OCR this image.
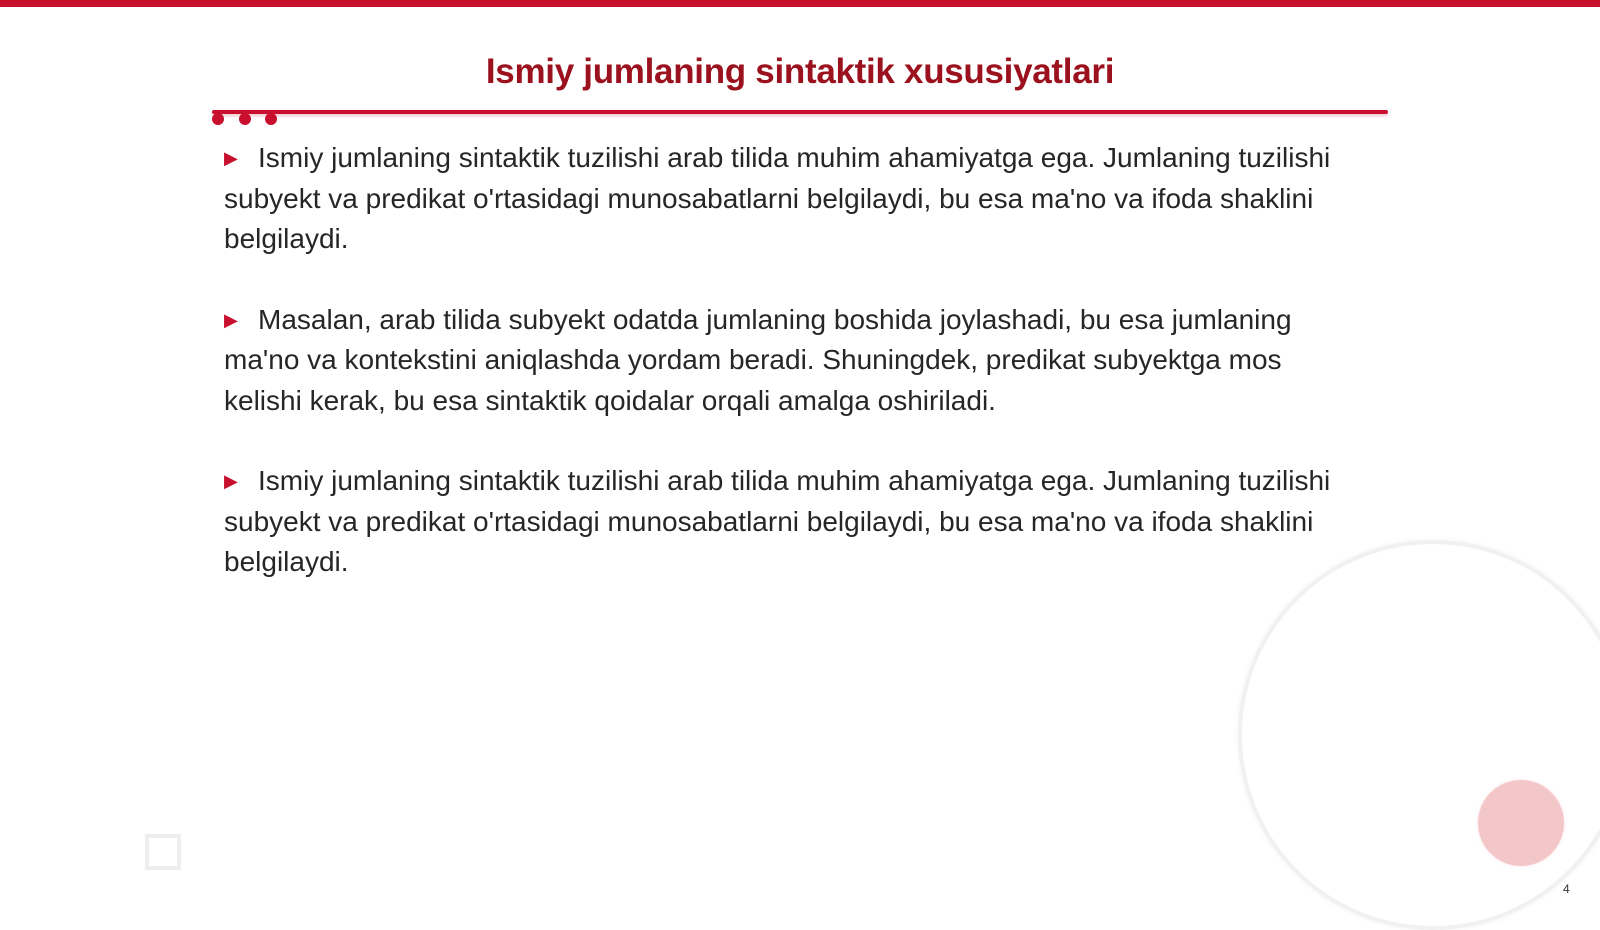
Ismiy jumlaning sintaktik xususiyatlari

▶ Ismiy jumlaning sintaktik tuzilishi arab tilida muhim ahamiyatga ega. Jumlaning tuzilishi subyekt va predikat o'rtasidagi munosabatlarni belgilaydi, bu esa ma'no va ifoda shaklini belgilaydi.

▶ Masalan, arab tilida subyekt odatda jumlaning boshida joylashadi, bu esa jumlaning ma'no va kontekstini aniqlashda yordam beradi. Shuningdek, predikat subyektga mos kelishi kerak, bu esa sintaktik qoidalar orqali amalga oshiriladi.

▶ Ismiy jumlaning sintaktik tuzilishi arab tilida muhim ahamiyatga ega. Jumlaning tuzilishi subyekt va predikat o'rtasidagi munosabatlarni belgilaydi, bu esa ma'no va ifoda shaklini belgilaydi.

4
